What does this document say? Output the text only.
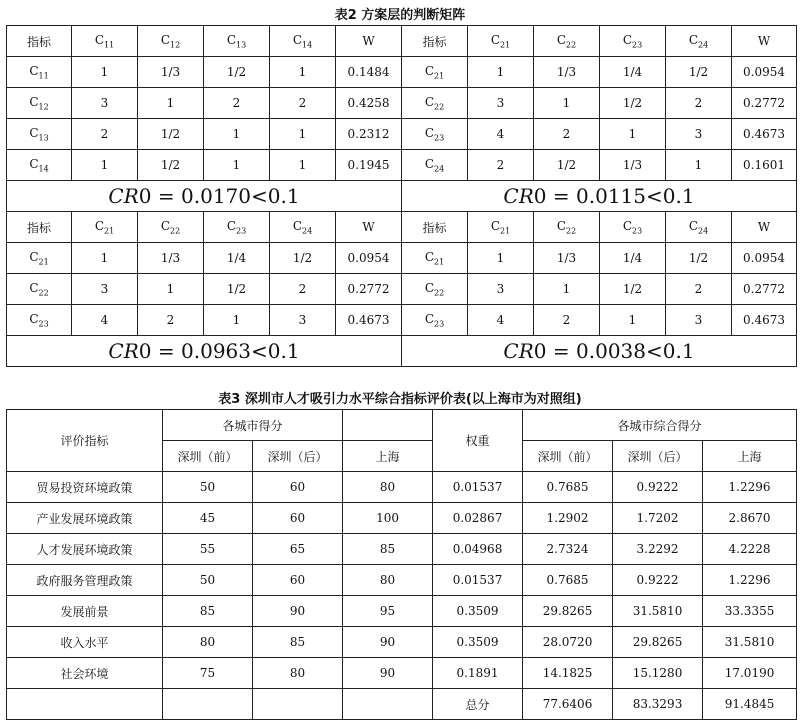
表2 方案层的判断矩阵
指标	$C_{11}$	$C_{12}$	$C_{13}$	$C_{14}$	W	指标	$C_{21}$	$C_{22}$	$C_{23}$	$C_{24}$	W
$C_{11}$	1	1/3	1/2	1	0.1484	$C_{21}$	1	1/3	1/4	1/2	0.0954
$C_{12}$	3	1	2	2	0.4258	$C_{22}$	3	1	1/2	2	0.2772
$C_{13}$	2	1/2	1	1	0.2312	$C_{23}$	4	2	1	3	0.4673
$C_{14}$	1	1/2	1	1	0.1945	$C_{24}$	2	1/2	1/3	1	0.1601
CR0 = 0.0170<0.1						CR0 = 0.0115<0.1					
指标	$C_{21}$	$C_{22}$	$C_{23}$	$C_{24}$	W	指标	$C_{21}$	$C_{22}$	$C_{23}$	$C_{24}$	W
$C_{21}$	1	1/3	1/4	1/2	0.0954	$C_{21}$	1	1/3	1/4	1/2	0.0954
$C_{22}$	3	1	1/2	2	0.2772	$C_{22}$	3	1	1/2	2	0.2772
$C_{23}$	4	2	1	3	0.4673	$C_{23}$	4	2	1	3	0.4673
CR0 = 0.0963<0.1						CR0 = 0.0038<0.1					
表3 深圳市人才吸引力水平综合指标评价表(以上海市为对照组)
评价指标	各城市得分			权重	各城市综合得分		
	深圳（前）	深圳（后）	上海		深圳（前）	深圳（后）	上海
贸易投资环境政策	50	60	80	0.01537	0.7685	0.9222	1.2296
产业发展环境政策	45	60	100	0.02867	1.2902	1.7202	2.8670
人才发展环境政策	55	65	85	0.04968	2.7324	3.2292	4.2228
政府服务管理政策	50	60	80	0.01537	0.7685	0.9222	1.2296
发展前景	85	90	95	0.3509	29.8265	31.5810	33.3355
收入水平	80	85	90	0.3509	28.0720	29.8265	31.5810
社会环境	75	80	90	0.1891	14.1825	15.1280	17.0190
				总分	77.6406	83.3293	91.4845
